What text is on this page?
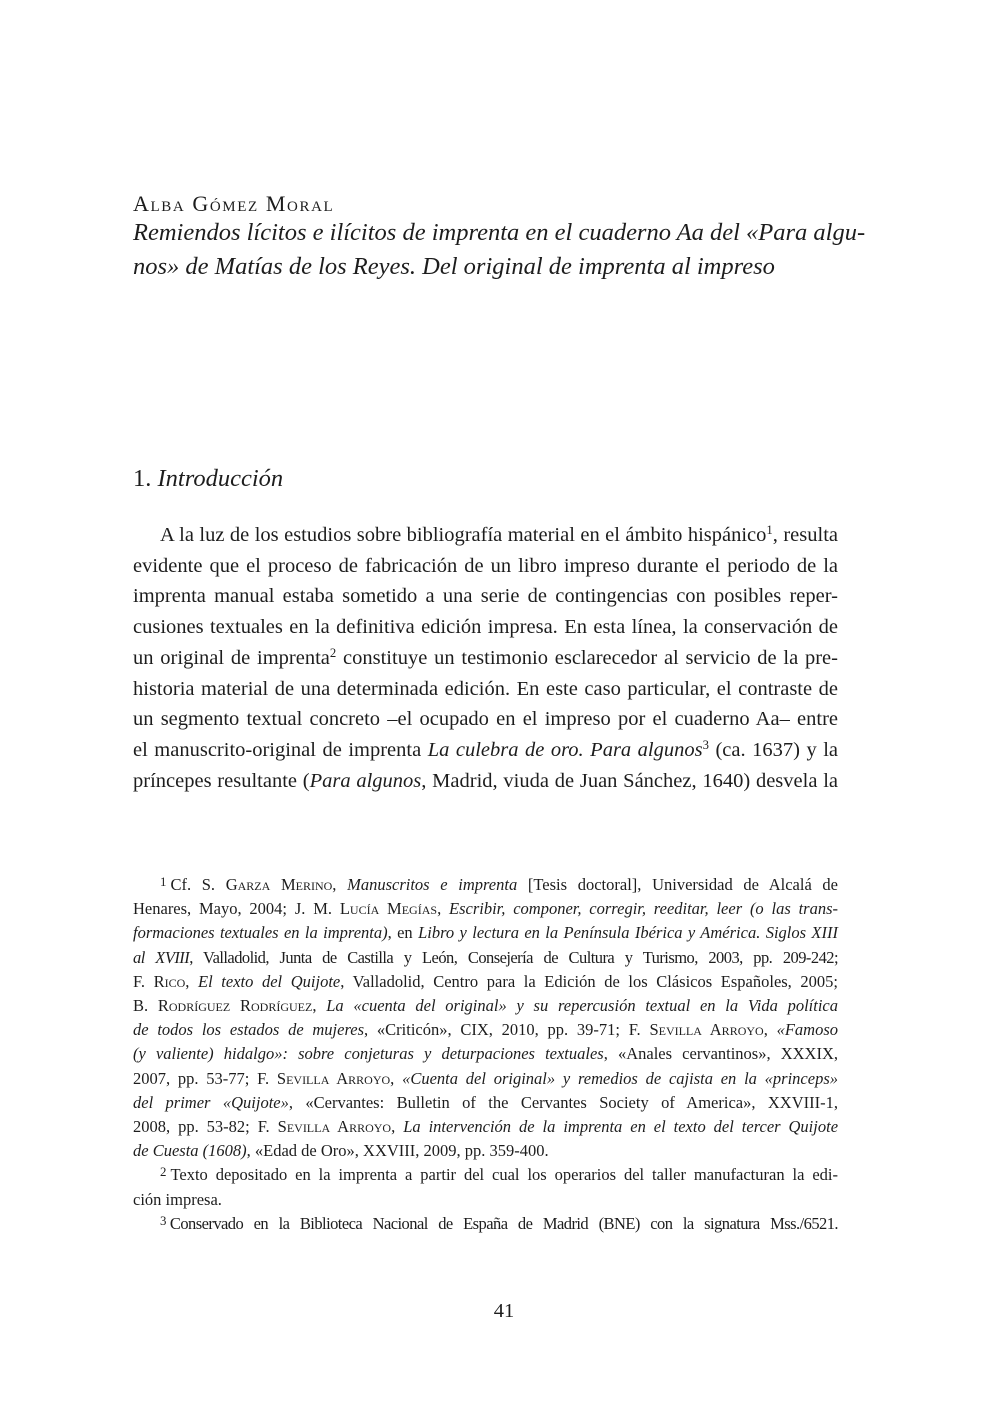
Alba Gómez Moral
Remiendos lícitos e ilícitos de imprenta en el cuaderno Aa del «Para algu-
nos» de Matías de los Reyes. Del original de imprenta al impreso
1. Introducción

A la luz de los estudios sobre bibliografía material en el ámbito hispánico$^1$, resulta
evidente que el proceso de fabricación de un libro impreso durante el periodo de la
imprenta manual estaba sometido a una serie de contingencias con posibles reper-
cusiones textuales en la definitiva edición impresa. En esta línea, la conservación de
un original de imprenta$^2$ constituye un testimonio esclarecedor al servicio de la pre-
historia material de una determinada edición. En este caso particular, el contraste de
un segmento textual concreto –el ocupado en el impreso por el cuaderno Aa– entre
el manuscrito-original de imprenta La culebra de oro. Para algunos$^3$ (ca. 1637) y la
príncepes resultante (Para algunos, Madrid, viuda de Juan Sánchez, 1640) desvela la

$^1$ Cf. S. Garza Merino, Manuscritos e imprenta [Tesis doctoral], Universidad de Alcalá de
Henares, Mayo, 2004; J. M. Lucía Megías, Escribir, componer, corregir, reeditar, leer (o las trans-
formaciones textuales en la imprenta), en Libro y lectura en la Península Ibérica y América. Siglos XIII
al XVIII, Valladolid, Junta de Castilla y León, Consejería de Cultura y Turismo, 2003, pp. 209-242;
F. Rico, El texto del Quijote, Valladolid, Centro para la Edición de los Clásicos Españoles, 2005;
B. Rodríguez Rodríguez, La «cuenta del original» y su repercusión textual en la Vida política
de todos los estados de mujeres, «Criticón», CIX, 2010, pp. 39-71; F. Sevilla Arroyo, «Famoso
(y valiente) hidalgo»: sobre conjeturas y deturpaciones textuales, «Anales cervantinos», XXXIX,
2007, pp. 53-77; F. Sevilla Arroyo, «Cuenta del original» y remedios de cajista en la «princeps»
del primer «Quijote», «Cervantes: Bulletin of the Cervantes Society of America», XXVIII-1,
2008, pp. 53-82; F. Sevilla Arroyo, La intervención de la imprenta en el texto del tercer Quijote
de Cuesta (1608), «Edad de Oro», XXVIII, 2009, pp. 359-400.

$^2$ Texto depositado en la imprenta a partir del cual los operarios del taller manufacturan la edi-
ción impresa.

$^3$ Conservado en la Biblioteca Nacional de España de Madrid (BNE) con la signatura Mss./6521.

41
